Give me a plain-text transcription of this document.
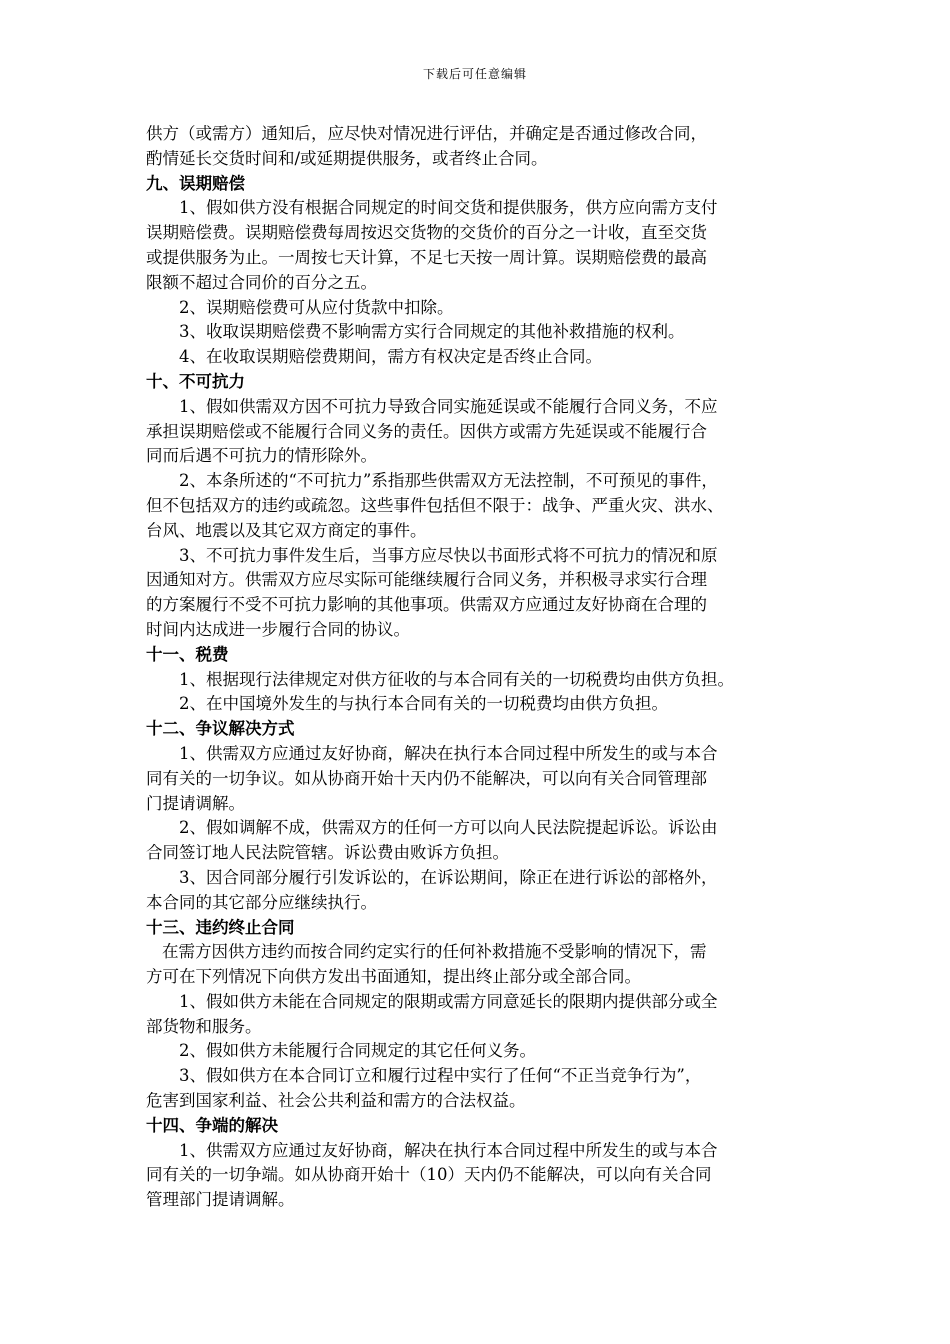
下载后可任意编辑
供方（或需方）通知后，应尽快对情况进行评估，并确定是否通过修改合同，
酌情延长交货时间和/或延期提供服务，或者终止合同。
九、误期赔偿
1、假如供方没有根据合同规定的时间交货和提供服务，供方应向需方支付
误期赔偿费。误期赔偿费每周按迟交货物的交货价的百分之一计收，直至交货
或提供服务为止。一周按七天计算，不足七天按一周计算。误期赔偿费的最高
限额不超过合同价的百分之五。
2、误期赔偿费可从应付货款中扣除。
3、收取误期赔偿费不影响需方实行合同规定的其他补救措施的权利。
4、在收取误期赔偿费期间，需方有权决定是否终止合同。
十、不可抗力
1、假如供需双方因不可抗力导致合同实施延误或不能履行合同义务，不应
承担误期赔偿或不能履行合同义务的责任。因供方或需方先延误或不能履行合
同而后遇不可抗力的情形除外。
2、本条所述的“不可抗力”系指那些供需双方无法控制，不可预见的事件，
但不包括双方的违约或疏忽。这些事件包括但不限于：战争、严重火灾、洪水、
台风、地震以及其它双方商定的事件。
3、不可抗力事件发生后，当事方应尽快以书面形式将不可抗力的情况和原
因通知对方。供需双方应尽实际可能继续履行合同义务，并积极寻求实行合理
的方案履行不受不可抗力影响的其他事项。供需双方应通过友好协商在合理的
时间内达成进一步履行合同的协议。
十一、税费
1、根据现行法律规定对供方征收的与本合同有关的一切税费均由供方负担。
2、在中国境外发生的与执行本合同有关的一切税费均由供方负担。
十二、争议解决方式
1、供需双方应通过友好协商，解决在执行本合同过程中所发生的或与本合
同有关的一切争议。如从协商开始十天内仍不能解决，可以向有关合同管理部
门提请调解。
2、假如调解不成，供需双方的任何一方可以向人民法院提起诉讼。诉讼由
合同签订地人民法院管辖。诉讼费由败诉方负担。
3、因合同部分履行引发诉讼的，在诉讼期间，除正在进行诉讼的部格外，
本合同的其它部分应继续执行。
十三、违约终止合同
在需方因供方违约而按合同约定实行的任何补救措施不受影响的情况下，需
方可在下列情况下向供方发出书面通知，提出终止部分或全部合同。
1、假如供方未能在合同规定的限期或需方同意延长的限期内提供部分或全
部货物和服务。
2、假如供方未能履行合同规定的其它任何义务。
3、假如供方在本合同订立和履行过程中实行了任何“不正当竞争行为”，
危害到国家利益、社会公共利益和需方的合法权益。
十四、争端的解决
1、供需双方应通过友好协商，解决在执行本合同过程中所发生的或与本合
同有关的一切争端。如从协商开始十（10）天内仍不能解决，可以向有关合同
管理部门提请调解。
